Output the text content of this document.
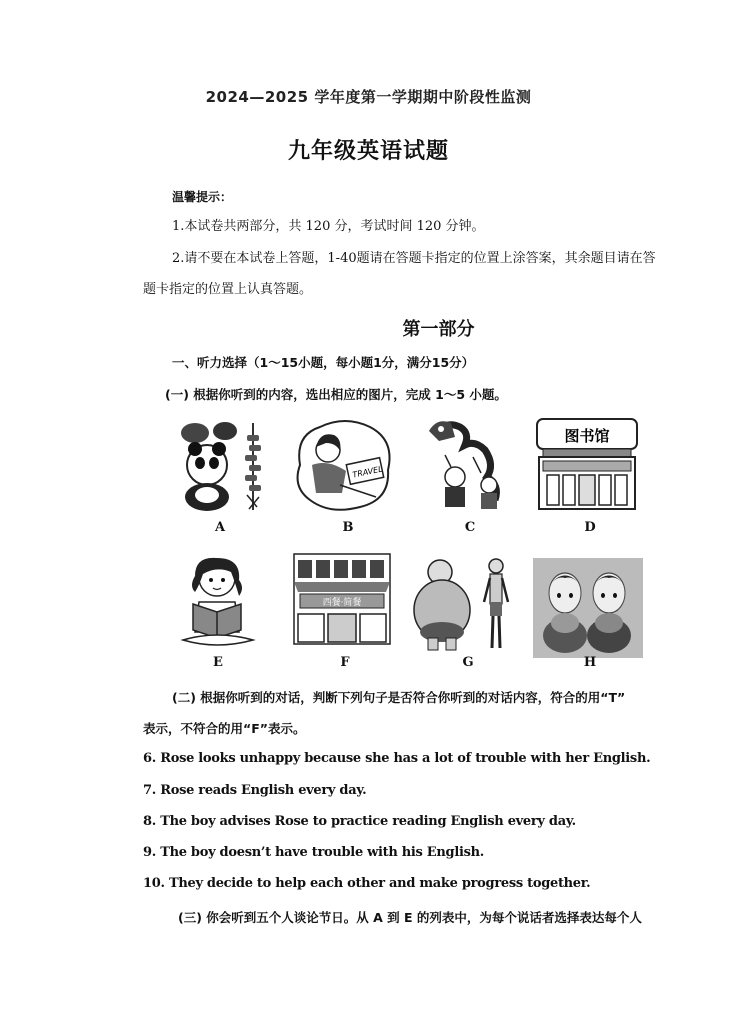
2024—2025 学年度第一学期期中阶段性监测
九年级英语试题
温馨提示：
1.本试卷共两部分，共 120 分，考试时间 120 分钟。
2.请不要在本试卷上答题，1-40题请在答题卡指定的位置上涂答案，其余题目请在答
题卡指定的位置上认真答题。
第一部分
一、听力选择（1～15小题，每小题1分，满分15分）
(一) 根据你听到的内容，选出相应的图片，完成 1～5 小题。
A
TRAVEL
B	C
图书馆
D
E
西餐·简餐
F	G	H
(二) 根据你听到的对话，判断下列句子是否符合你听到的对话内容，符合的用“T”
表示，不符合的用“F”表示。
6. Rose looks unhappy because she has a lot of trouble with her English.
7. Rose reads English every day.
8. The boy advises Rose to practice reading English every day.
9. The boy doesn’t have trouble with his English.
10. They decide to help each other and make progress together.
(三) 你会听到五个人谈论节日。从 A 到 E 的列表中，为每个说话者选择表达每个人
